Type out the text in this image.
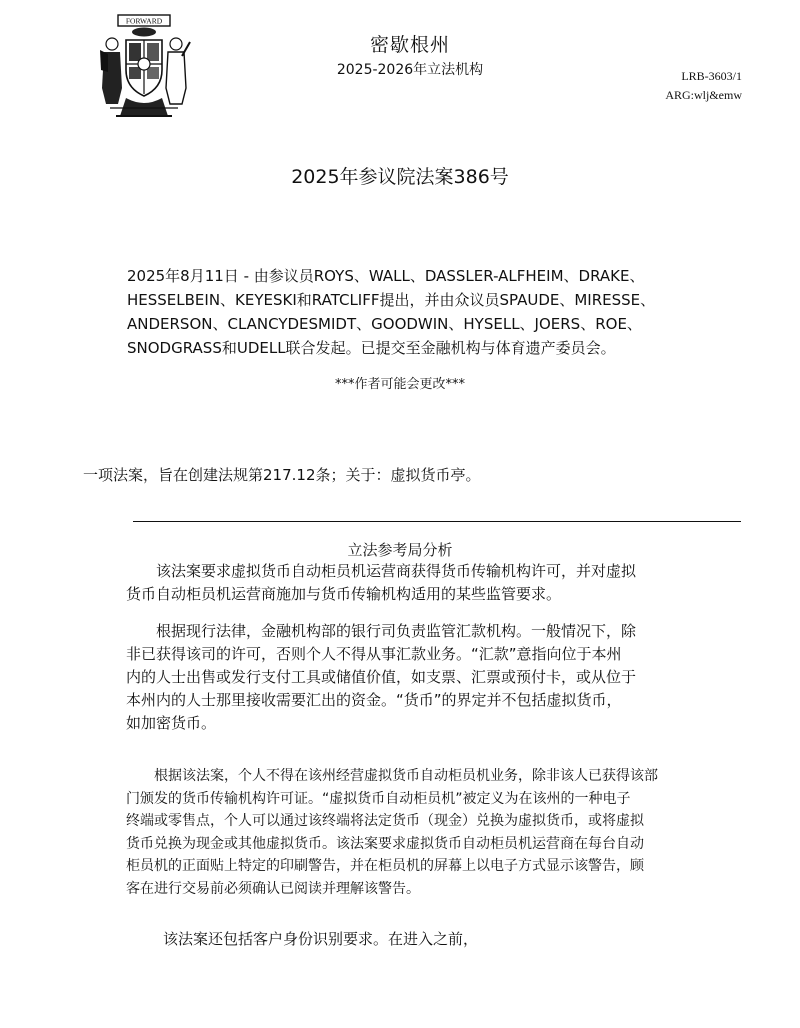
FORWARD
密歇根州
2025-2026年立法机构	LRB-3603/1
ARG:wlj&emw
2025年参议院法案386号
2025年8月11日 - 由参议员ROYS、WALL、DASSLER-ALFHEIM、DRAKE、
HESSELBEIN、KEYESKI和RATCLIFF提出，并由众议员SPAUDE、MIRESSE、
ANDERSON、CLANCYDESMIDT、GOODWIN、HYSELL、JOERS、ROE、
SNODGRASS和UDELL联合发起。已提交至金融机构与体育遗产委员会。
***作者可能会更改***
一项法案，旨在创建法规第217.12条；关于：虚拟货币亭。
立法参考局分析
　　该法案要求虚拟货币自动柜员机运营商获得货币传输机构许可，并对虚拟
货币自动柜员机运营商施加与货币传输机构适用的某些监管要求。
　　根据现行法律，金融机构部的银行司负责监管汇款机构。一般情况下，除
非已获得该司的许可，否则个人不得从事汇款业务。“汇款”意指向位于本州
内的人士出售或发行支付工具或储值价值，如支票、汇票或预付卡，或从位于
本州内的人士那里接收需要汇出的资金。“货币”的界定并不包括虚拟货币，
如加密货币。
　　根据该法案，个人不得在该州经营虚拟货币自动柜员机业务，除非该人已获得该部
门颁发的货币传输机构许可证。“虚拟货币自动柜员机”被定义为在该州的一种电子
终端或零售点，个人可以通过该终端将法定货币（现金）兑换为虚拟货币，或将虚拟
货币兑换为现金或其他虚拟货币。该法案要求虚拟货币自动柜员机运营商在每台自动
柜员机的正面贴上特定的印刷警告，并在柜员机的屏幕上以电子方式显示该警告，顾
客在进行交易前必须确认已阅读并理解该警告。
该法案还包括客户身份识别要求。在进入之前，
